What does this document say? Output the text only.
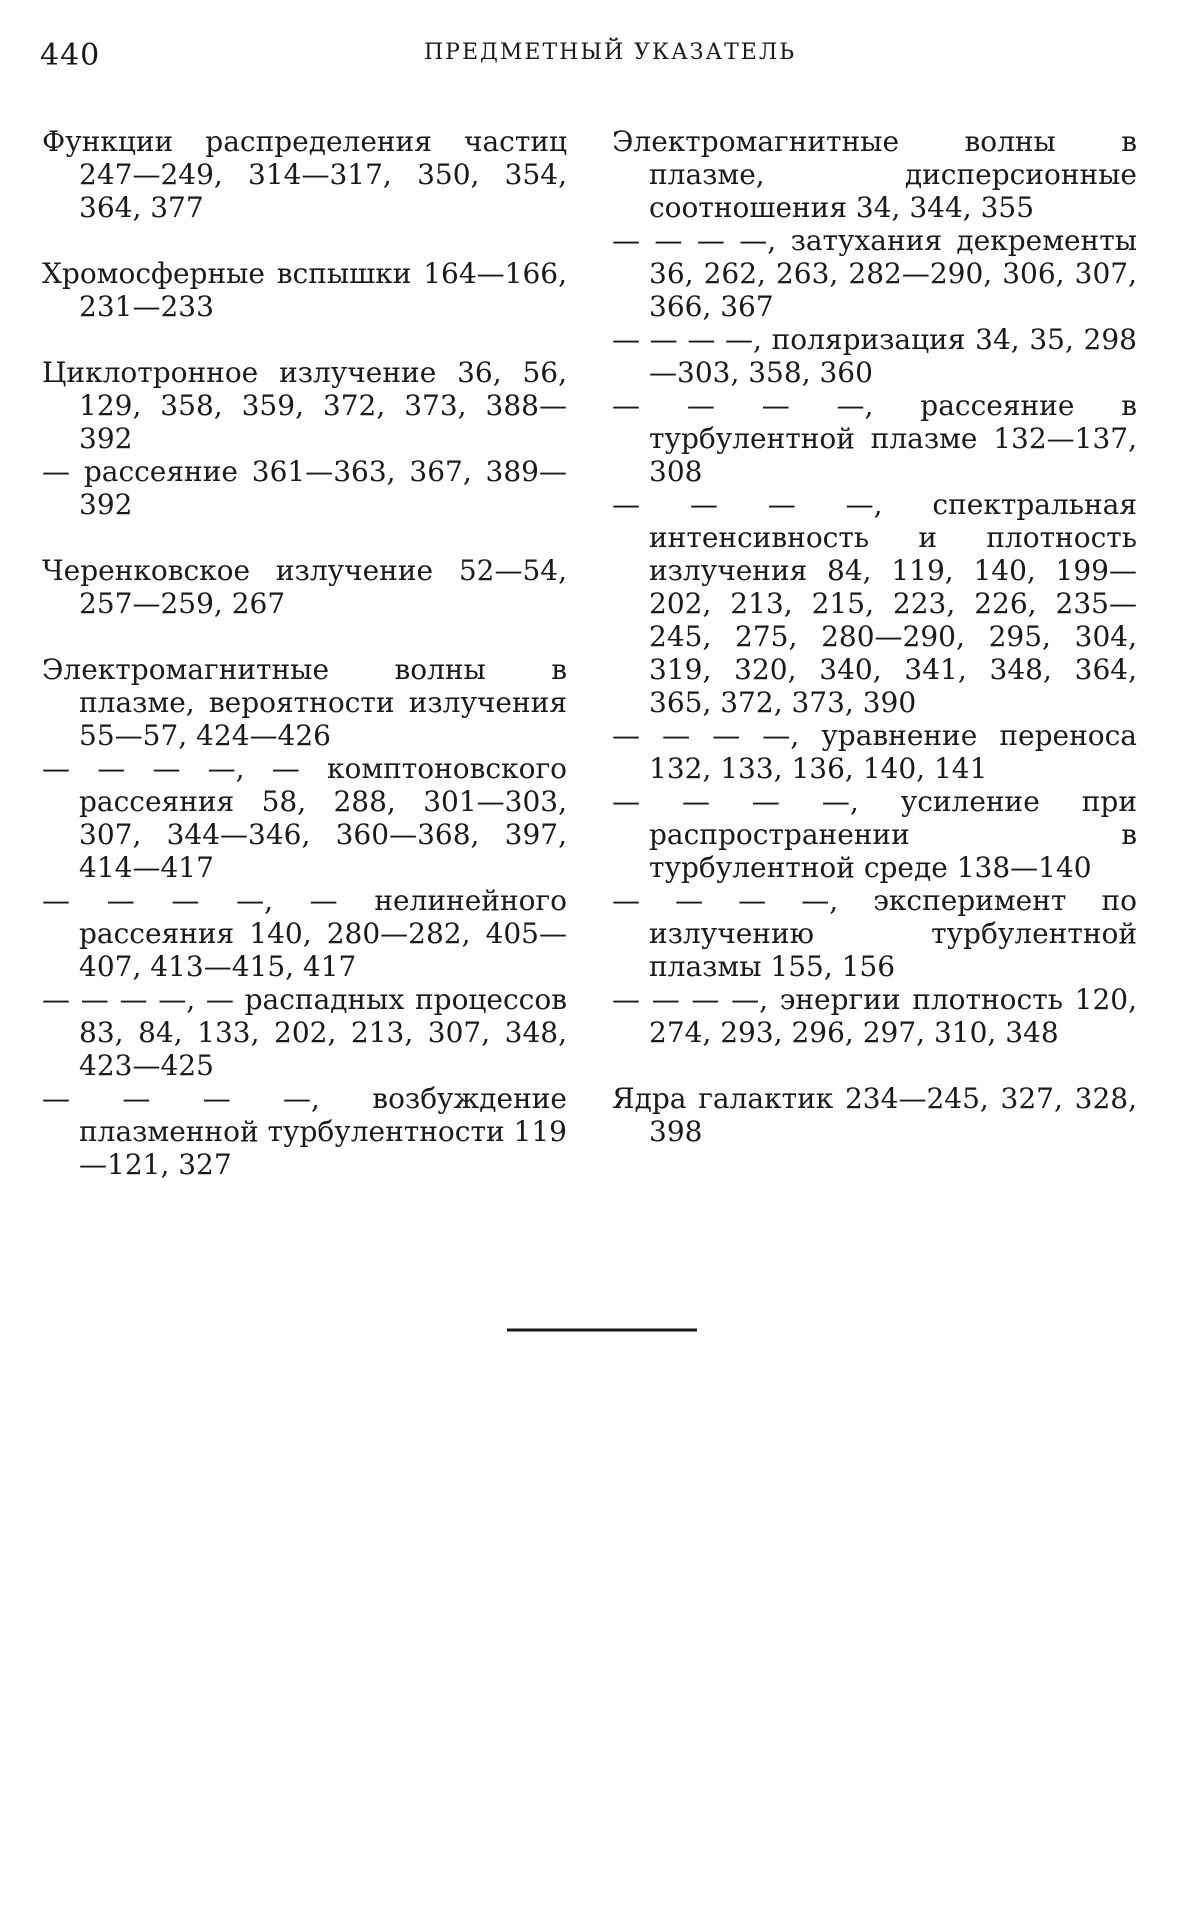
440	ПРЕДМЕТНЫЙ УКАЗАТЕЛЬ
Функции распределения частиц 247—249, 314—317, 350, 354, 364, 377
Хромосферные вспышки 164—166, 231—233
Циклотронное излучение 36, 56, 129, 358, 359, 372, 373, 388—392
— рассеяние 361—363, 367, 389—392
Черенковское излучение 52—54, 257—259, 267
Электромагнитные волны в плазме, вероятности излучения 55—57, 424—426
— — — —, — комптоновского рассеяния 58, 288, 301—303, 307, 344—346, 360—368, 397, 414—417
— — — —, — нелинейного рассеяния 140, 280—282, 405—407, 413—415, 417
— — — —, — распадных процессов 83, 84, 133, 202, 213, 307, 348, 423—425
— — — —, возбуждение плазменной турбулентности 119—121, 327
Электромагнитные волны в плазме, дисперсионные соотношения 34, 344, 355
— — — —, затухания декременты 36, 262, 263, 282—290, 306, 307, 366, 367
— — — —, поляризация 34, 35, 298—303, 358, 360
— — — —, рассеяние в турбулентной плазме 132—137, 308
— — — —, спектральная интенсивность и плотность излучения 84, 119, 140, 199—202, 213, 215, 223, 226, 235—245, 275, 280—290, 295, 304, 319, 320, 340, 341, 348, 364, 365, 372, 373, 390
— — — —, уравнение переноса 132, 133, 136, 140, 141
— — — —, усиление при распространении в турбулентной среде 138—140
— — — —, эксперимент по излучению турбулентной плазмы 155, 156
— — — —, энергии плотность 120, 274, 293, 296, 297, 310, 348
Ядра галактик 234—245, 327, 328, 398
